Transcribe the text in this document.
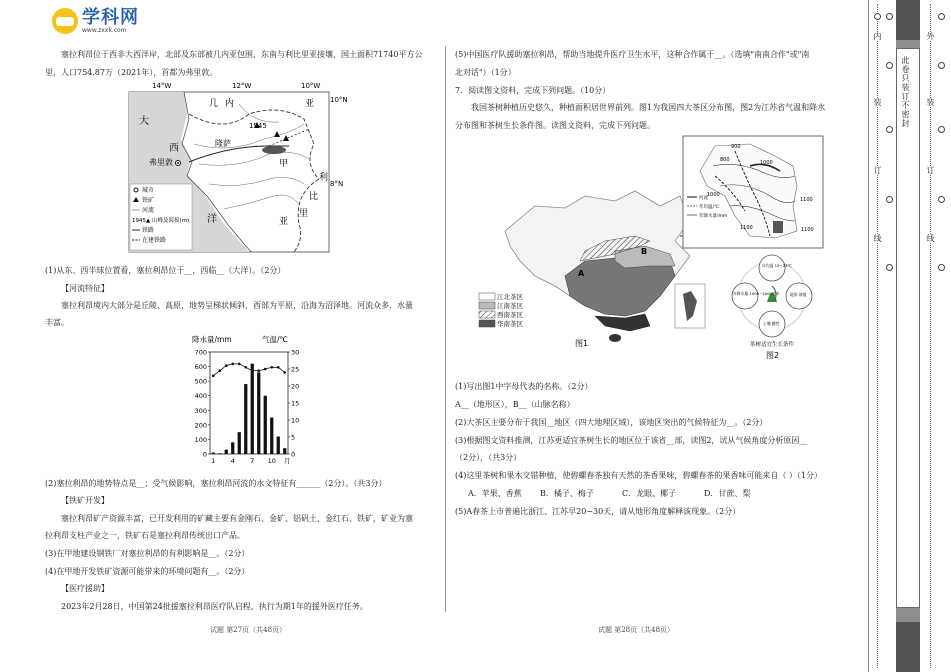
学科网
www.zxxk.com
塞拉利昂位于西非大西洋岸，北部及东部被几内亚包围，东南与利比里亚接壤，国土面积71740平方公
里，人口754.87万（2021年），首都为弗里敦。
14°W	12°W	10°W
10°N
8°N
几 内	亚
大
西
洋
利
比
里
亚
弗里敦
1945
隆萨
甲
城市
铁矿
河流
1945▲ 山峰及海拔(m)
铁路
在建铁路
(1)从东、西半球位置看，塞拉利昂位于__，西临__（大洋）。（2分）
【河流特征】
塞拉利昂境内大部分是丘陵、高原，地势呈梯状倾斜，西部为平原，沿海为沼泽地。河流众多，水量
丰富。
降水量/mm	气温/℃
700
600
500
400
300
200
100
0
30
25
20
15
10
5
0
1 4 7 10 月
(2)塞拉利昂的地势特点是__；受气候影响，塞拉利昂河流的水文特征有______（2分）。（共3分）
【铁矿开发】
塞拉利昂矿产资源丰富，已开发利用的矿藏主要有金刚石、金矿、铝矾土、金红石、铁矿，矿业为塞
拉利昂支柱产业之一，铁矿石是塞拉利昂传统出口产品。
(3)在甲地建设钢铁厂对塞拉利昂的有利影响是__。（2分）
(4)在甲地开发铁矿资源可能带来的环境问题有__。（2分）
【医疗援助】
2023年2月28日，中国第24批援塞拉利昂医疗队启程，执行为期1年的援外医疗任务。
试题 第27页（共48页）
(5)中国医疗队援助塞拉利昂，帮助当地提升医疗卫生水平，这种合作属于__。（选填"南南合作"或"南
北对话"）（1分）
7．阅读图文资料，完成下列问题。（10分）
我国茶树种植历史悠久，种植面积居世界前列。图1为我国四大茶区分布图，图2为江苏省气温和降水
分布图和茶树生长条件图。读图文资料，完成下列问题。
A
B
900
800	1000
1100
1100
1100
1000
河流
年均温/℃
年降水量/mm
江北茶区
江南茶区
西南茶区
华南茶区
图1
年均温 15~23℃
年降水量 1000~2000毫米	地形 坡地
土壤 酸性
茶树适宜生长条件
图2
(1)写出图1中字母代表的名称。（2分）
A__（地形区），B__（山脉名称）
(2)大茶区主要分布于我国__地区（四大地理区域），该地区突出的气候特征为__。（2分）
(3)根据图文资料推测，江苏更适宜茶树生长的地区位于该省__部，读图2，试从气候角度分析原因__
（2分），（共3分）
(4)这里茶树和果木交错种植，使碧螺春茶独有天然的茶香果味，碧螺春茶的果香味可能来自（ ）（1分）
A．苹果、香蕉	B．橘子、梅子	C．龙眼、椰子	D．甘蔗、梨
(5)A春茶上市普遍比浙江、江苏早20~30天，请从地形角度解释该现象。（2分）
试题 第28页（共48页）
此卷只装订不密封
内
装
订
线
外
装
订
线
